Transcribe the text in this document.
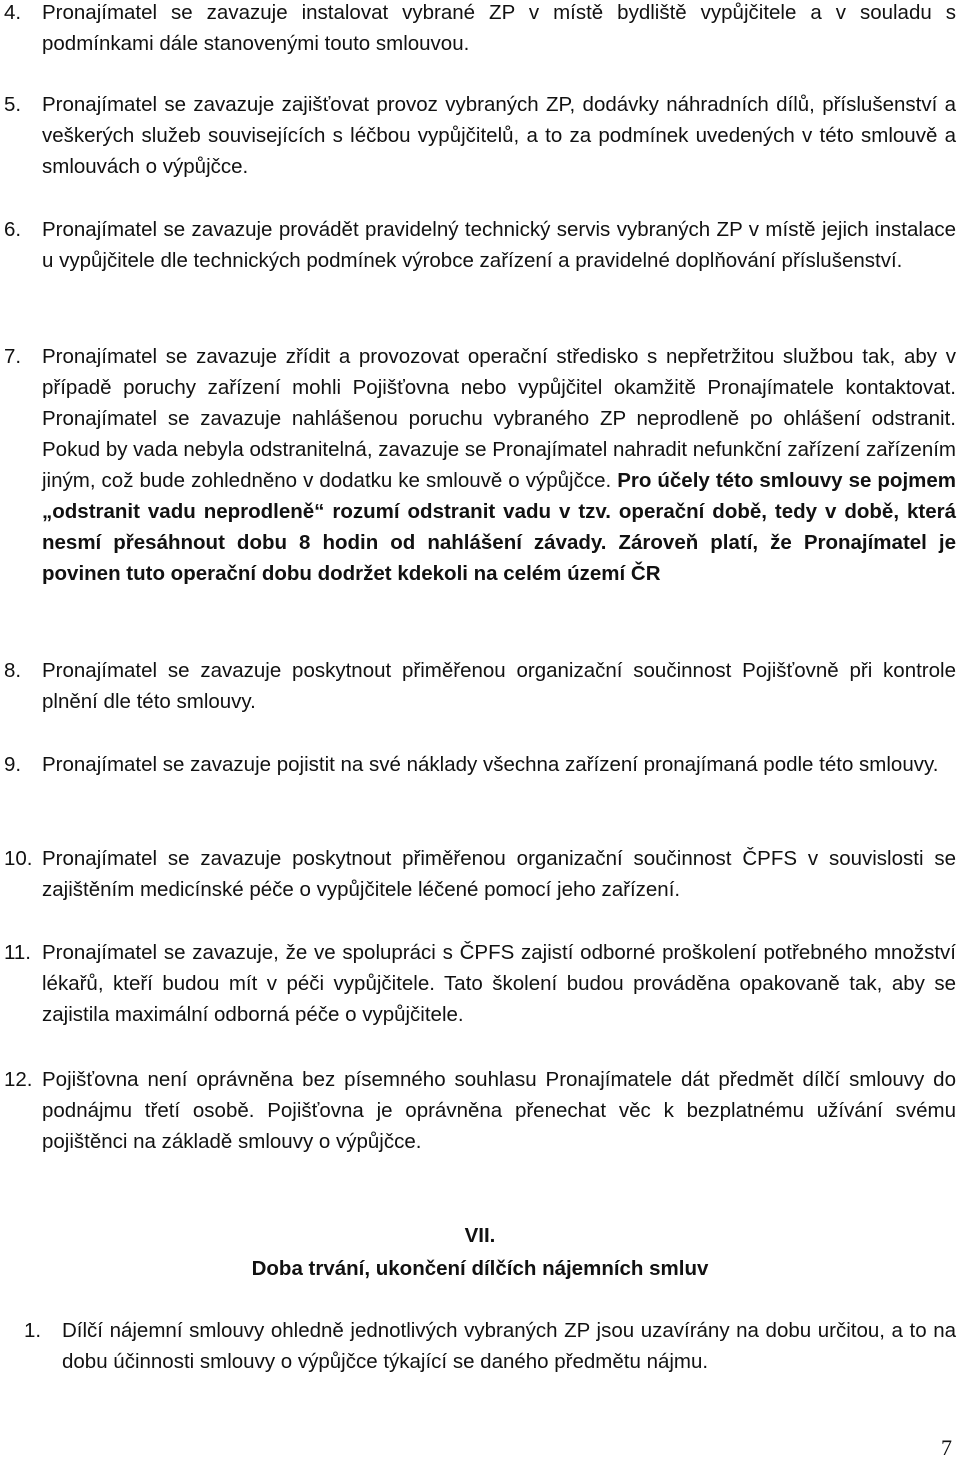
4.	Pronajímatel se zavazuje instalovat vybrané ZP v místě bydliště vypůjčitele a v souladu s podmínkami dále stanovenými touto smlouvou.
5.	Pronajímatel se zavazuje zajišťovat provoz vybraných ZP, dodávky náhradních dílů, příslušenství a veškerých služeb souvisejících s léčbou vypůjčitelů, a to za podmínek uvedených v této smlouvě a smlouvách o výpůjčce.
6.	Pronajímatel se zavazuje provádět pravidelný technický servis vybraných ZP v místě jejich instalace u vypůjčitele dle technických podmínek výrobce zařízení a pravidelné doplňování příslušenství.
7.	Pronajímatel se zavazuje zřídit a provozovat operační středisko s nepřetržitou službou tak, aby v případě poruchy zařízení mohli Pojišťovna nebo vypůjčitel okamžitě Pronajímatele kontaktovat. Pronajímatel se zavazuje nahlášenou poruchu vybraného ZP neprodleně po ohlášení odstranit. Pokud by vada nebyla odstranitelná, zavazuje se Pronajímatel nahradit nefunkční zařízení zařízením jiným, což bude zohledněno v dodatku ke smlouvě o výpůjčce. Pro účely této smlouvy se pojmem „odstranit vadu neprodleně“ rozumí odstranit vadu v tzv. operační době, tedy v době, která nesmí přesáhnout dobu 8 hodin od nahlášení závady. Zároveň platí, že Pronajímatel je povinen tuto operační dobu dodržet kdekoli na celém území ČR
8.	Pronajímatel se zavazuje poskytnout přiměřenou organizační součinnost Pojišťovně při kontrole plnění dle této smlouvy.
9.	Pronajímatel se zavazuje pojistit na své náklady všechna zařízení pronajímaná podle této smlouvy.
10. Pronajímatel se zavazuje poskytnout přiměřenou organizační součinnost ČPFS v souvislosti se zajištěním medicínské péče o vypůjčitele léčené pomocí jeho zařízení.
11. Pronajímatel se zavazuje, že ve spolupráci s ČPFS zajistí odborné proškolení potřebného množství lékařů, kteří budou mít v péči vypůjčitele. Tato školení budou prováděna opakovaně tak, aby se zajistila maximální odborná péče o vypůjčitele.
12. Pojišťovna není oprávněna bez písemného souhlasu Pronajímatele dát předmět dílčí smlouvy do podnájmu třetí osobě. Pojišťovna je oprávněna přenechat věc k bezplatnému užívání svému pojištěnci na základě smlouvy o výpůjčce.
VII.
Doba trvání, ukončení dílčích nájemních smluv
1.	Dílčí nájemní smlouvy ohledně jednotlivých vybraných ZP jsou uzavírány na dobu určitou, a to na dobu účinnosti smlouvy o výpůjčce týkající se daného předmětu nájmu.
7
